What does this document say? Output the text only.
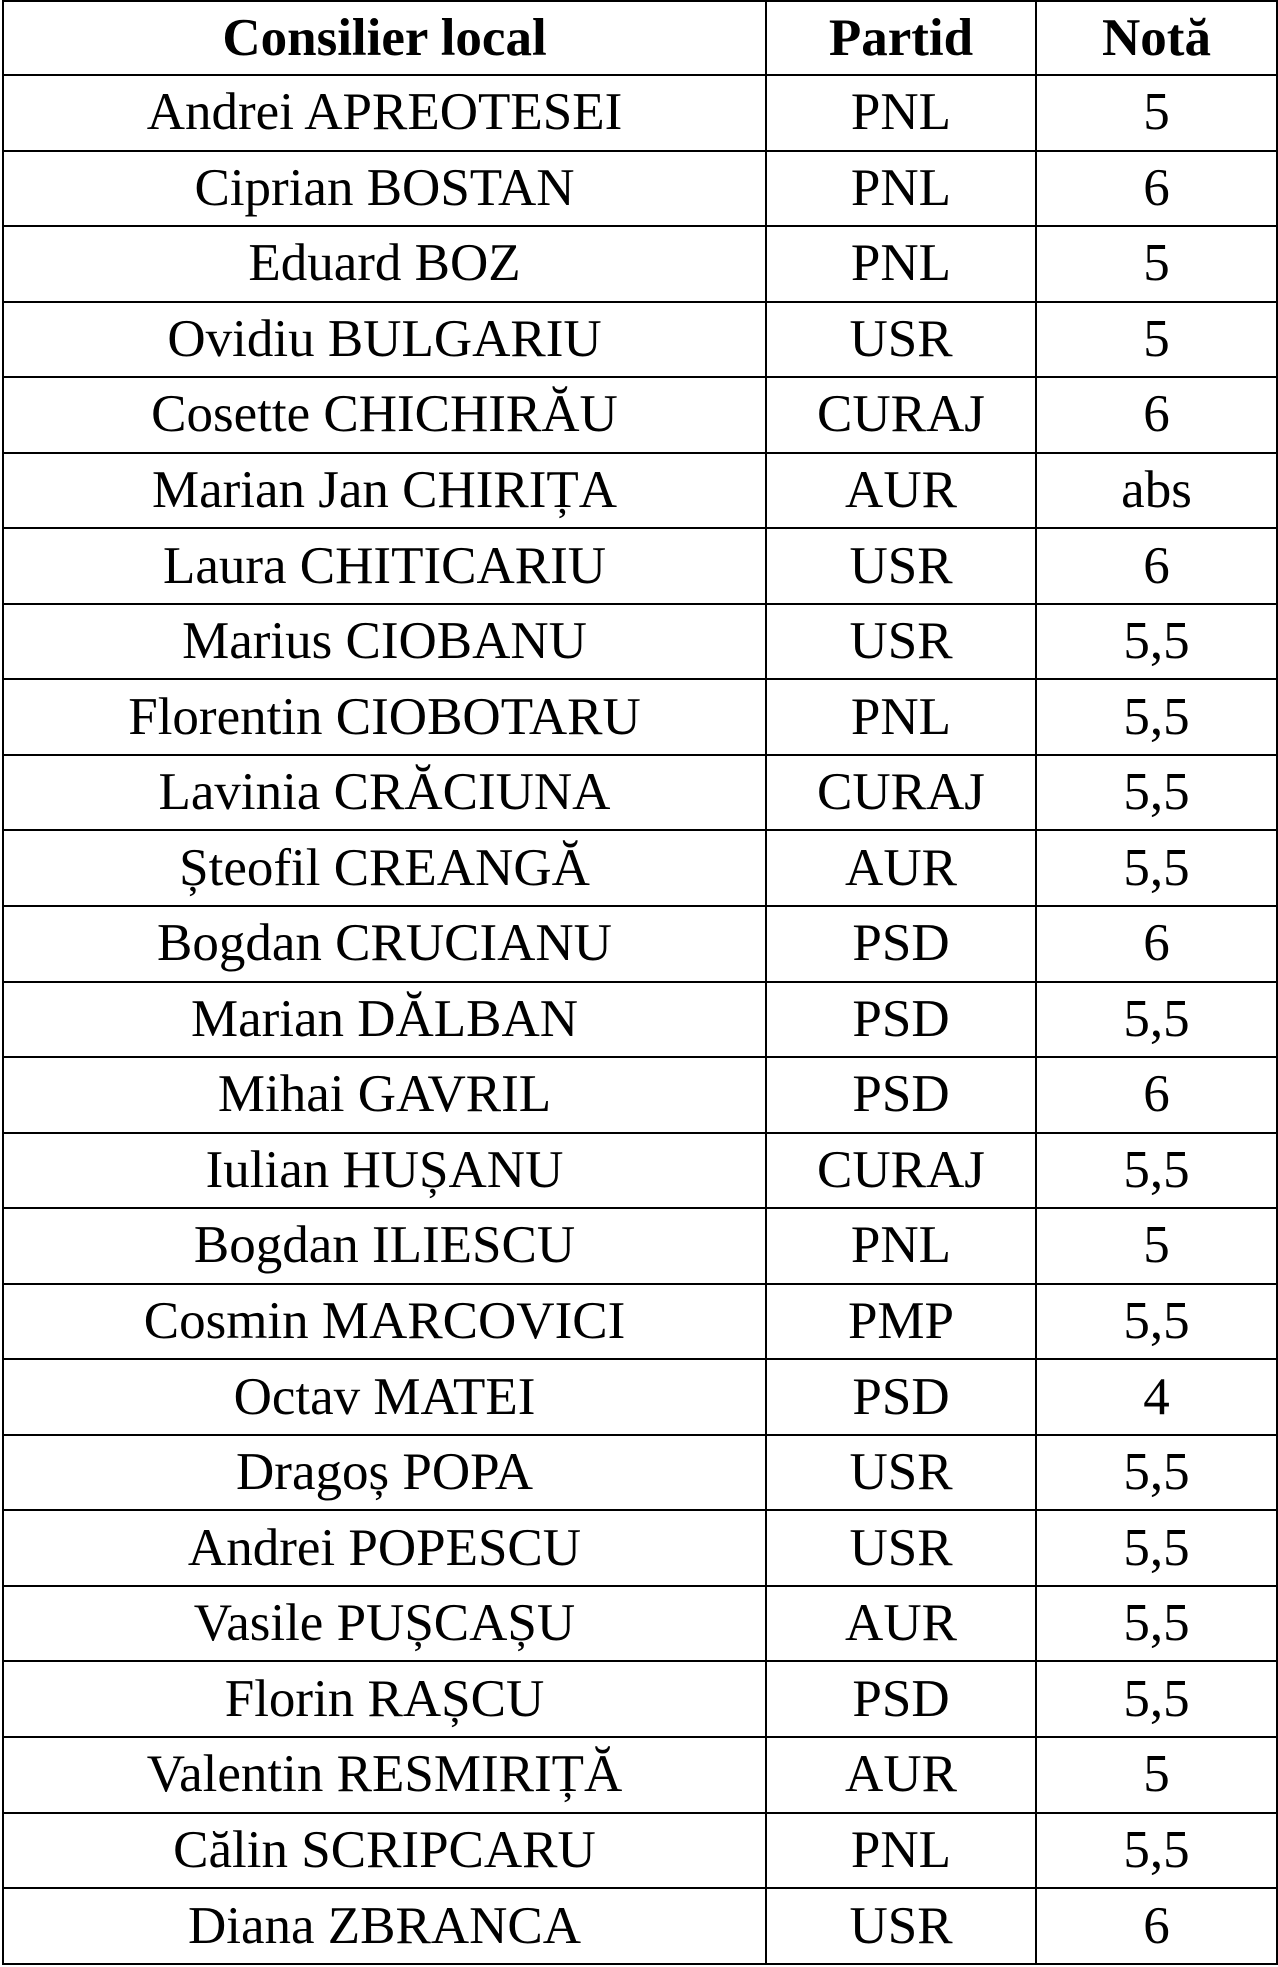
Consilier local	Partid	Notă
Andrei APREOTESEI	PNL	5
Ciprian BOSTAN	PNL	6
Eduard BOZ	PNL	5
Ovidiu BULGARIU	USR	5
Cosette CHICHIRĂU	CURAJ	6
Marian Jan CHIRIȚA	AUR	abs
Laura CHITICARIU	USR	6
Marius CIOBANU	USR	5,5
Florentin CIOBOTARU	PNL	5,5
Lavinia CRĂCIUNA	CURAJ	5,5
Șteofil CREANGĂ	AUR	5,5
Bogdan CRUCIANU	PSD	6
Marian DĂLBAN	PSD	5,5
Mihai GAVRIL	PSD	6
Iulian HUȘANU	CURAJ	5,5
Bogdan ILIESCU	PNL	5
Cosmin MARCOVICI	PMP	5,5
Octav MATEI	PSD	4
Dragoș POPA	USR	5,5
Andrei POPESCU	USR	5,5
Vasile PUȘCAȘU	AUR	5,5
Florin RAȘCU	PSD	5,5
Valentin RESMIRIȚĂ	AUR	5
Călin SCRIPCARU	PNL	5,5
Diana ZBRANCA	USR	6
